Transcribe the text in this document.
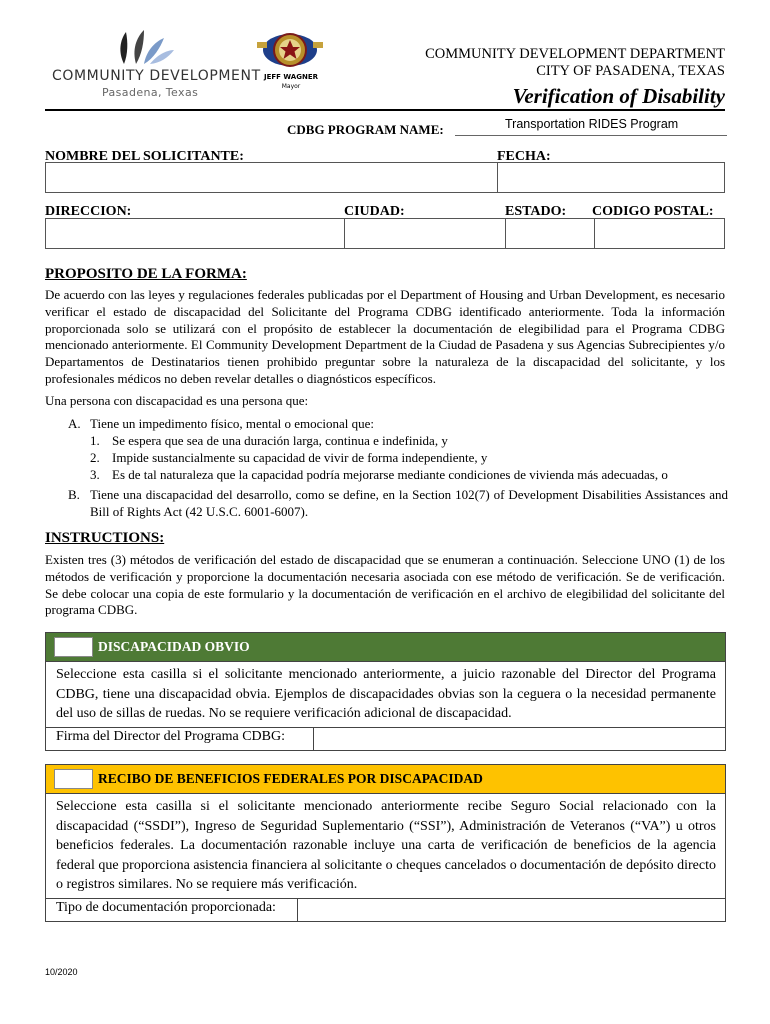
COMMUNITY DEVELOPMENT
Pasadena, Texas
JEFF WAGNER
Mayor
COMMUNITY DEVELOPMENT DEPARTMENT
CITY OF PASADENA, TEXAS
Verification of Disability
CDBG PROGRAM NAME:	Transportation RIDES Program
NOMBRE DEL SOLICITANTE:	FECHA:
DIRECCION:	CIUDAD:	ESTADO: CODIGO POSTAL:
PROPOSITO DE LA FORMA:
De acuerdo con las leyes y regulaciones federales publicadas por el Department of Housing and Urban Development, es necesario verificar el estado de discapacidad del Solicitante del Programa CDBG identificado anteriormente. Toda la información proporcionada solo se utilizará con el propósito de establecer la documentación de elegibilidad para el Programa CDBG mencionado anteriormente. El Community Development Department de la Ciudad de Pasadena y sus Agencias Subrecipientes y/o Departamentos de Destinatarios tienen prohibido preguntar sobre la naturaleza de la discapacidad del solicitante, y los profesionales médicos no deben revelar detalles o diagnósticos específicos.
Una persona con discapacidad es una persona que:
A. Tiene un impedimento físico, mental o emocional que:
1. Se espera que sea de una duración larga, continua e indefinida, y
2. Impide sustancialmente su capacidad de vivir de forma independiente, y
3. Es de tal naturaleza que la capacidad podría mejorarse mediante condiciones de vivienda más adecuadas, o
B. Tiene una discapacidad del desarrollo, como se define, en la Section 102(7) of Development Disabilities Assistances and Bill of Rights Act (42 U.S.C. 6001-6007).
INSTRUCTIONS:
Existen tres (3) métodos de verificación del estado de discapacidad que se enumeran a continuación. Seleccione UNO (1) de los métodos de verificación y proporcione la documentación necesaria asociada con ese método de verificación. Se de verificación. Se debe colocar una copia de este formulario y la documentación de verificación en el archivo de elegibilidad del solicitante del programa CDBG.
DISCAPACIDAD OBVIO
Seleccione esta casilla si el solicitante mencionado anteriormente, a juicio razonable del Director del Programa CDBG, tiene una discapacidad obvia. Ejemplos de discapacidades obvias son la ceguera o la necesidad permanente del uso de sillas de ruedas. No se requiere verificación adicional de discapacidad.
Firma del Director del Programa CDBG:
RECIBO DE BENEFICIOS FEDERALES POR DISCAPACIDAD
Seleccione esta casilla si el solicitante mencionado anteriormente recibe Seguro Social relacionado con la discapacidad (“SSDI”), Ingreso de Seguridad Suplementario (“SSI”), Administración de Veteranos (“VA”) u otros beneficios federales. La documentación razonable incluye una carta de verificación de beneficios de la agencia federal que proporciona asistencia financiera al solicitante o cheques cancelados o documentación de depósito directo o registros similares. No se requiere más verificación.
Tipo de documentación proporcionada:
10/2020
